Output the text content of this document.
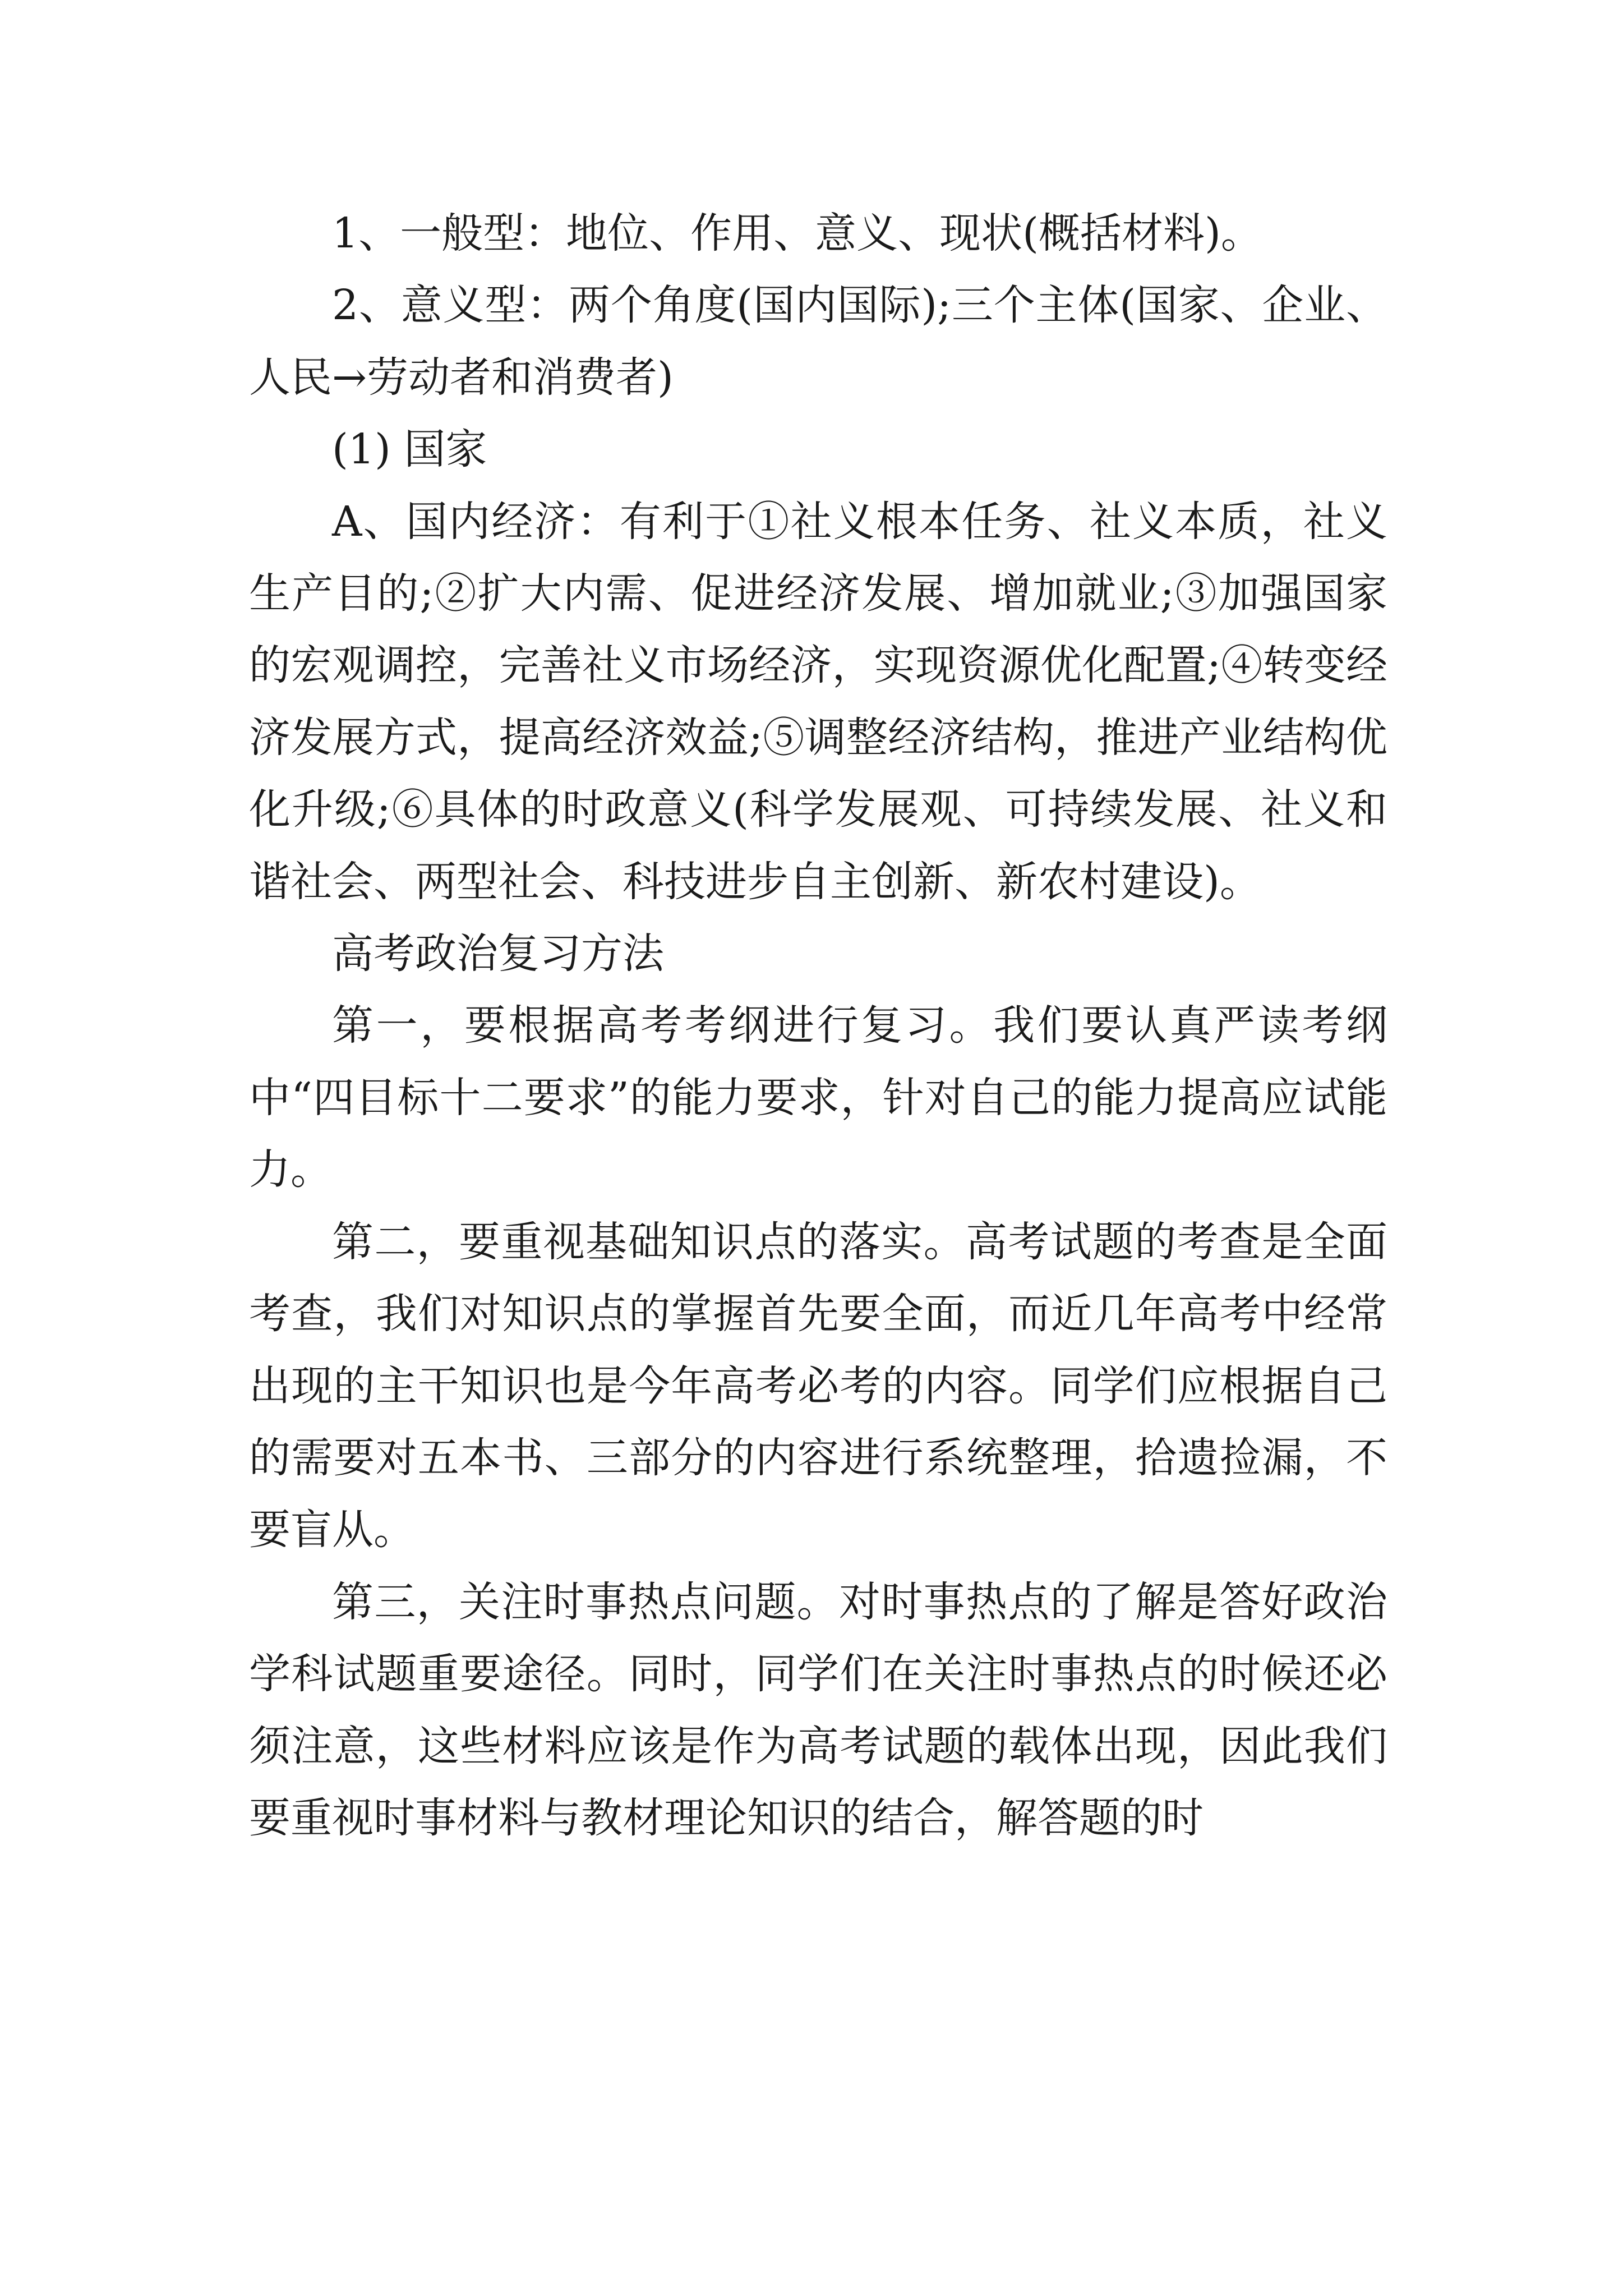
1、一般型：地位、作用、意义、现状(概括材料)。

2、意义型：两个角度(国内国际);三个主体(国家、企业、人民→劳动者和消费者)

(1) 国家

A、国内经济：有利于①社义根本任务、社义本质，社义生产目的;②扩大内需、促进经济发展、增加就业;③加强国家的宏观调控，完善社义市场经济，实现资源优化配置;④转变经济发展方式，提高经济效益;⑤调整经济结构，推进产业结构优化升级;⑥具体的时政意义(科学发展观、可持续发展、社义和谐社会、两型社会、科技进步自主创新、新农村建设)。

高考政治复习方法

第一，要根据高考考纲进行复习。我们要认真严读考纲中“四目标十二要求”的能力要求，针对自己的能力提高应试能力。

第二，要重视基础知识点的落实。高考试题的考查是全面考查，我们对知识点的掌握首先要全面，而近几年高考中经常出现的主干知识也是今年高考必考的内容。同学们应根据自己的需要对五本书、三部分的内容进行系统整理，拾遗捡漏，不要盲从。

第三，关注时事热点问题。对时事热点的了解是答好政治学科试题重要途径。同时，同学们在关注时事热点的时候还必须注意，这些材料应该是作为高考试题的载体出现，因此我们要重视时事材料与教材理论知识的结合，解答题的时
